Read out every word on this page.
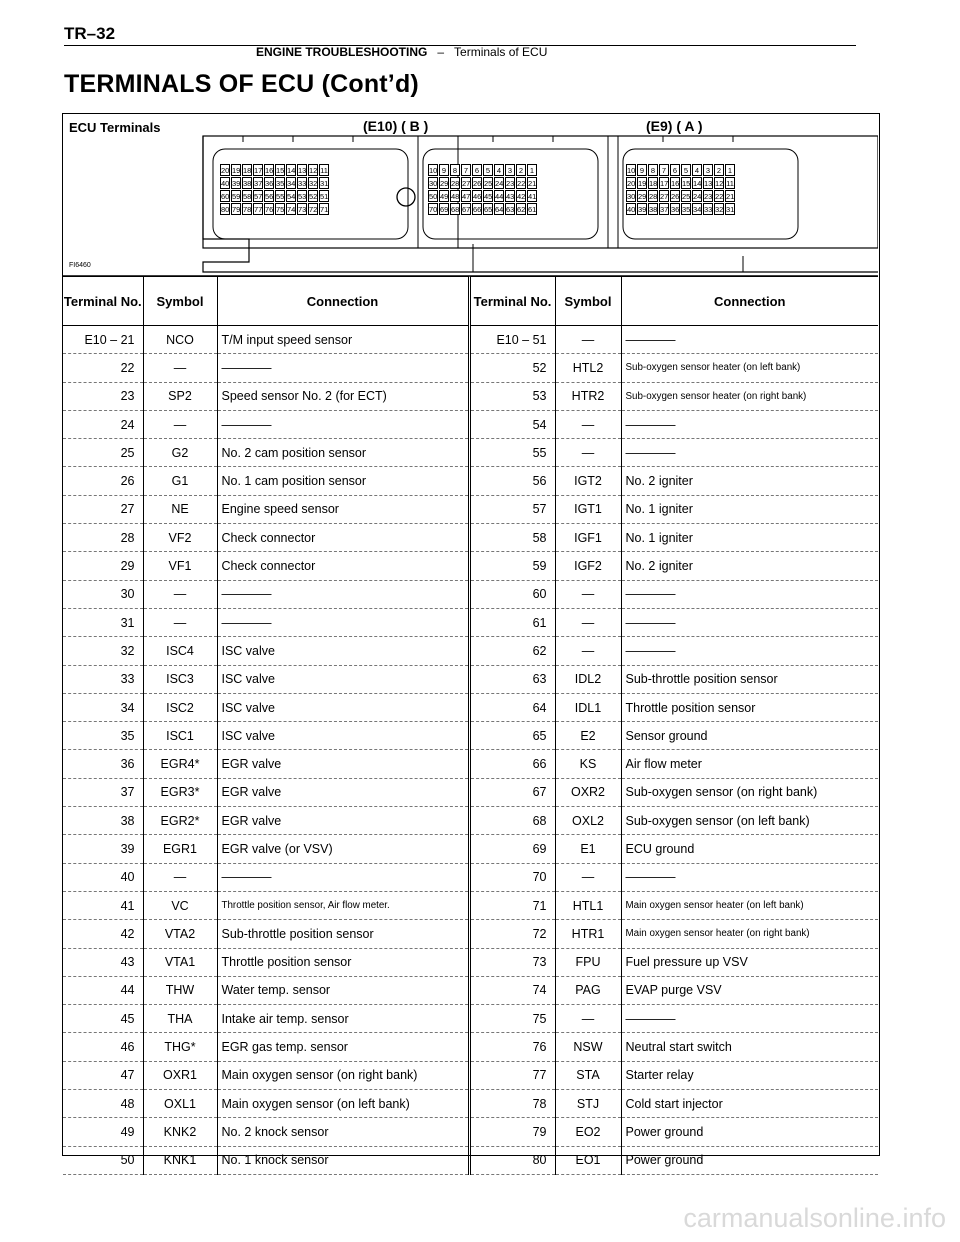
TR–32
ENGINE TROUBLESHOOTING – Terminals of ECU
TERMINALS OF ECU (Cont’d)
ECU Terminals	(E10) ( B )	(E9) ( A )
FI6460
20 19 18 17 16 15 14 13 12 11
40 39 38 37 36 35 34 33 32 31
60 59 58 57 56 55 54 53 52 51
80 79 78 77 76 75 74 73 72 71
10 9 8 7 6 5 4 3 2 1
30 29 28 27 26 25 24 23 22 21
50 49 48 47 46 45 44 43 42 41
70 69 68 67 66 65 64 63 62 61
10 9 8 7 6 5 4 3 2 1
20 19 18 17 16 15 14 13 12 11
30 29 28 27 26 25 24 23 22 21
40 39 38 37 36 35 34 33 32 31
Terminal No.	Symbol	Connection	Terminal No.	Symbol	Connection
E10 – 21	NCO	T/M input speed sensor	E10 – 51	—	————
22	—	————	52	HTL2	Sub-oxygen sensor heater (on left bank)
23	SP2	Speed sensor No. 2 (for ECT)	53	HTR2	Sub-oxygen sensor heater (on right bank)
24	—	————	54	—	————
25	G2	No. 2 cam position sensor	55	—	————
26	G1	No. 1 cam position sensor	56	IGT2	No. 2 igniter
27	NE	Engine speed sensor	57	IGT1	No. 1 igniter
28	VF2	Check connector	58	IGF1	No. 1 igniter
29	VF1	Check connector	59	IGF2	No. 2 igniter
30	—	————	60	—	————
31	—	————	61	—	————
32	ISC4	ISC valve	62	—	————
33	ISC3	ISC valve	63	IDL2	Sub-throttle position sensor
34	ISC2	ISC valve	64	IDL1	Throttle position sensor
35	ISC1	ISC valve	65	E2	Sensor ground
36	EGR4*	EGR valve	66	KS	Air flow meter
37	EGR3*	EGR valve	67	OXR2	Sub-oxygen sensor (on right bank)
38	EGR2*	EGR valve	68	OXL2	Sub-oxygen sensor (on left bank)
39	EGR1	EGR valve (or VSV)	69	E1	ECU ground
40	—	————	70	—	————
41	VC	Throttle position sensor, Air flow meter.	71	HTL1	Main oxygen sensor heater (on left bank)
42	VTA2	Sub-throttle position sensor	72	HTR1	Main oxygen sensor heater (on right bank)
43	VTA1	Throttle position sensor	73	FPU	Fuel pressure up VSV
44	THW	Water temp. sensor	74	PAG	EVAP purge VSV
45	THA	Intake air temp. sensor	75	—	————
46	THG*	EGR gas temp. sensor	76	NSW	Neutral start switch
47	OXR1	Main oxygen sensor (on right bank)	77	STA	Starter relay
48	OXL1	Main oxygen sensor (on left bank)	78	STJ	Cold start injector
49	KNK2	No. 2 knock sensor	79	EO2	Power ground
50	KNK1	No. 1 knock sensor	80	EO1	Power ground
carmanualsonline.info
